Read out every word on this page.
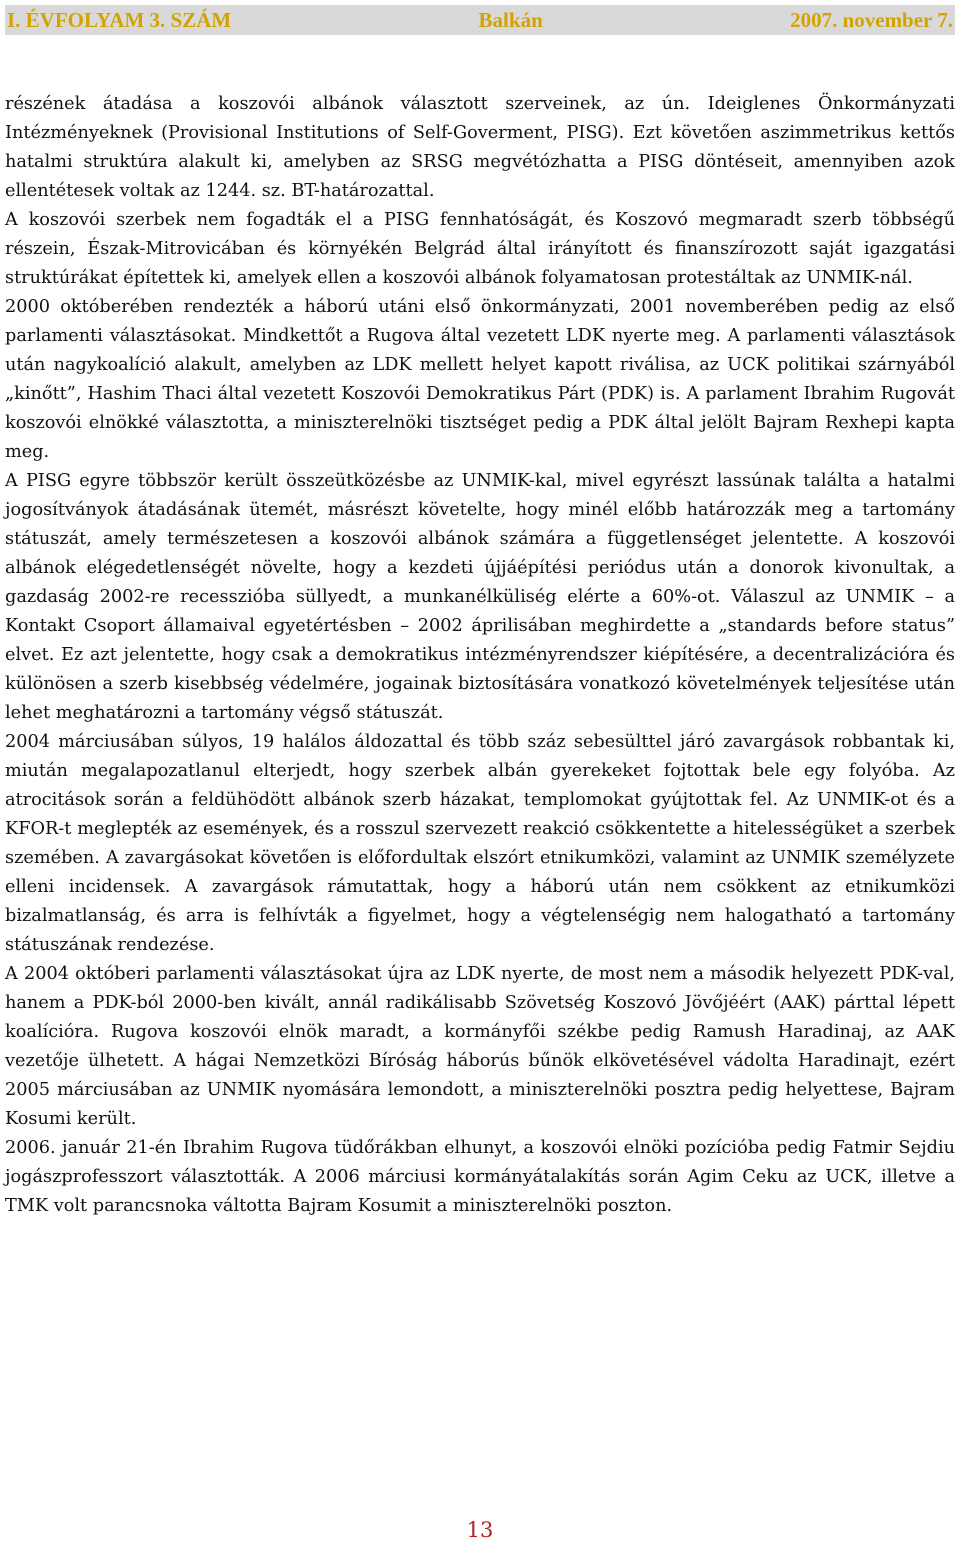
I. ÉVFOLYAM 3. SZÁM	Balkán	2007. november 7.

részének átadása a koszovói albánok választott szerveinek, az ún. Ideiglenes Önkormányzati Intézményeknek (Provisional Institutions of Self-Goverment, PISG). Ezt követően aszimmetrikus kettős hatalmi struktúra alakult ki, amelyben az SRSG megvétózhatta a PISG döntéseit, amennyiben azok ellentétesek voltak az 1244. sz. BT-határozattal.

A koszovói szerbek nem fogadták el a PISG fennhatóságát, és Koszovó megmaradt szerb többségű részein, Észak-Mitrovicában és környékén Belgrád által irányított és finanszírozott saját igazgatási struktúrákat építettek ki, amelyek ellen a koszovói albánok folyamatosan protestáltak az UNMIK-nál.

2000 októberében rendezték a háború utáni első önkormányzati, 2001 novemberében pedig az első parlamenti választásokat. Mindkettőt a Rugova által vezetett LDK nyerte meg. A parlamenti választások után nagykoalíció alakult, amelyben az LDK mellett helyet kapott riválisa, az UCK politikai szárnyából „kinőtt”, Hashim Thaci által vezetett Koszovói Demokratikus Párt (PDK) is. A parlament Ibrahim Rugovát koszovói elnökké választotta, a miniszterelnöki tisztséget pedig a PDK által jelölt Bajram Rexhepi kapta meg.

A PISG egyre többször került összeütközésbe az UNMIK-kal, mivel egyrészt lassúnak találta a hatalmi jogosítványok átadásának ütemét, másrészt követelte, hogy minél előbb határozzák meg a tartomány státuszát, amely természetesen a koszovói albánok számára a függetlenséget jelentette. A koszovói albánok elégedetlenségét növelte, hogy a kezdeti újjáépítési periódus után a donorok kivonultak, a gazdaság 2002-re recesszióba süllyedt, a munkanélküliség elérte a 60%-ot. Válaszul az UNMIK – a Kontakt Csoport államaival egyetértésben – 2002 áprilisában meghirdette a „standards before status” elvet. Ez azt jelentette, hogy csak a demokratikus intézményrendszer kiépítésére, a decentralizációra és különösen a szerb kisebbség védelmére, jogainak biztosítására vonatkozó követelmények teljesítése után lehet meghatározni a tartomány végső státuszát.

2004 márciusában súlyos, 19 halálos áldozattal és több száz sebesülttel járó zavargások robbantak ki, miután megalapozatlanul elterjedt, hogy szerbek albán gyerekeket fojtottak bele egy folyóba. Az atrocitások során a feldühödött albánok szerb házakat, templomokat gyújtottak fel. Az UNMIK-ot és a KFOR-t meglepték az események, és a rosszul szervezett reakció csökkentette a hitelességüket a szerbek szemében. A zavargásokat követően is előfordultak elszórt etnikumközi, valamint az UNMIK személyzete elleni incidensek. A zavargások rámutattak, hogy a háború után nem csökkent az etnikumközi bizalmatlanság, és arra is felhívták a figyelmet, hogy a végtelenségig nem halogatható a tartomány státuszának rendezése.

A 2004 októberi parlamenti választásokat újra az LDK nyerte, de most nem a második helyezett PDK-val, hanem a PDK-ból 2000-ben kivált, annál radikálisabb Szövetség Koszovó Jövőjéért (AAK) párttal lépett koalícióra. Rugova koszovói elnök maradt, a kormányfői székbe pedig Ramush Haradinaj, az AAK vezetője ülhetett. A hágai Nemzetközi Bíróság háborús bűnök elkövetésével vádolta Haradinajt, ezért 2005 márciusában az UNMIK nyomására lemondott, a miniszterelnöki posztra pedig helyettese, Bajram Kosumi került.

2006. január 21-én Ibrahim Rugova tüdőrákban elhunyt, a koszovói elnöki pozícióba pedig Fatmir Sejdiu jogászprofesszort választották. A 2006 márciusi kormányátalakítás során Agim Ceku az UCK, illetve a TMK volt parancsnoka váltotta Bajram Kosumit a miniszterelnöki poszton.

13
